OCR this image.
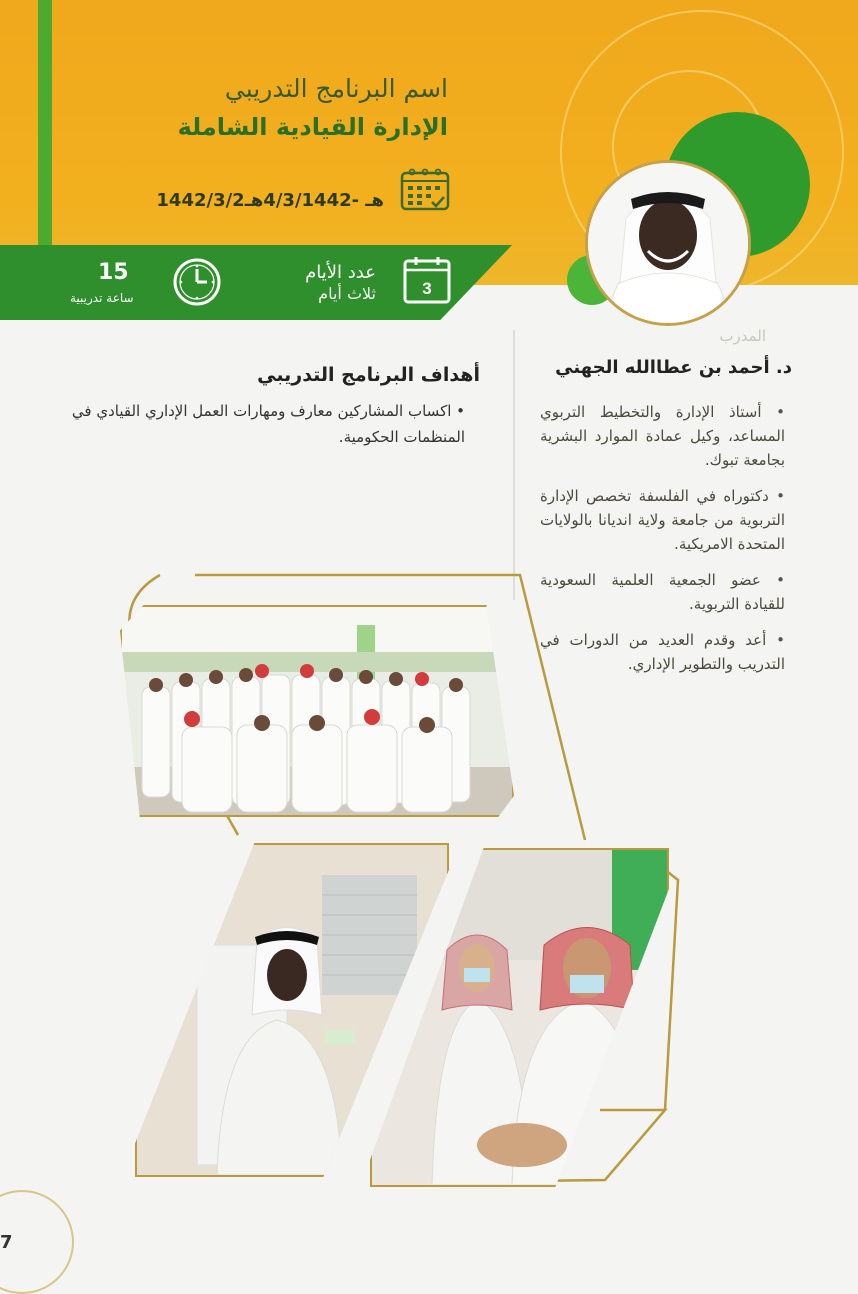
اسم البرنامج التدريبي
الإدارة القيادية الشاملة
1442/3/2هـ -4/3/1442هـ
3
عدد الأيام
ثلاث أيام
15
ساعة تدريبية
المدرب
د. أحمد بن عطاالله الجهني
• أستاذ الإدارة والتخطيط التربوي المساعد، وكيل عمادة الموارد البشرية بجامعة تبوك.
• دكتوراه في الفلسفة تخصص الإدارة التربوية من جامعة ولاية انديانا بالولايات المتحدة الامريكية.
• عضو الجمعية العلمية السعودية للقيادة التربوية.
• أعد وقدم العديد من الدورات في التدريب والتطوير الإداري.
أهداف البرنامج التدريبي
• اكساب المشاركين معارف ومهارات العمل الإداري القيادي في المنظمات الحكومية.
7
